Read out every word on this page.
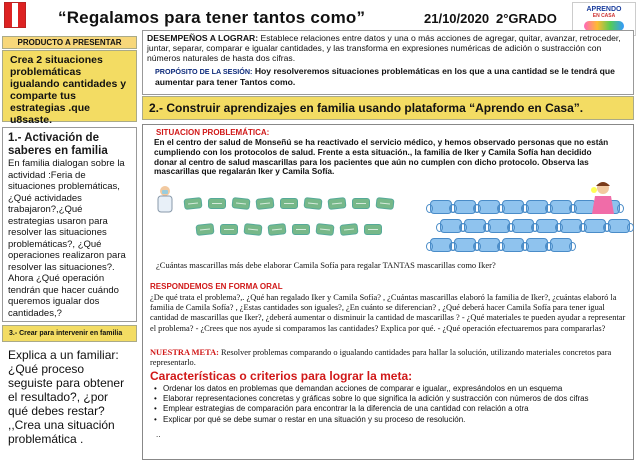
“Regalamos para tener tantos como”	21/10/2020 2°GRADO
APRENDO
EN CASA
PRODUCTO A PRESENTAR
Crea 2 situaciones problemáticas igualando cantidades y comparte tus estrategias .que u8saste.
1.- Activación de saberes en familia
En familia dialogan sobre la actividad :Feria de situaciones problemáticas, ¿Qué actividades trabajaron?,¿Qué estrategias usaron para resolver las situaciones problemáticas?, ¿Qué operaciones realizaron para resolver las situaciones?. Ahora ¿Qué operación tendrán que hacer cuándo queremos igualar dos cantidades,?
3.- Crear para intervenir en familia
Explica a un familiar: ¿Qué proceso seguiste para obtener el resultado?, ¿por qué debes restar? ,,Crea una situación problemática .
DESEMPEÑOS A LOGRAR: Establece relaciones entre datos y una o más acciones de agregar, quitar, avanzar, retroceder, juntar, separar, comparar e igualar cantidades, y las transforma en expresiones numéricas de adición o sustracción con números naturales de hasta dos cifras.
PROPÓSITO DE LA SESIÓN: Hoy resolveremos situaciones problemáticas en los que a una cantidad se le tendrá que aumentar para tener Tantos como.
2.- Construir aprendizajes en familia usando plataforma “Aprendo en Casa”.
SITUACION PROBLEMÁTICA:
En el centro der salud de Monseñú se ha reactivado el servicio médico, y hemos observado personas que no están cumpliendo con los protocolos de salud. Frente a esta situación., la familia de Iker y Camila Sofía han decidido donar al centro de salud mascarillas para los pacientes que aún no cumplen con dicho protocolo. Observa las mascarillas que regalarán Iker y Camila Sofía.
¿Cuántas mascarillas más debe elaborar Camila Sofía para regalar TANTAS mascarillas como Iker?
RESPONDEMOS EN FORMA ORAL
¿De qué trata el problema?,. ¿Qué han regalado Iker y Camila Sofía? , ¿Cuántas mascarillas elaboró la familia de Iker?, ¿cuántas elaboró la familia de Camila Sofía? , ¿Estas cantidades son iguales?, ¿En cuánto se diferencian? , ¿Qué deberá hacer Camila Sofía para tener igual cantidad de mascarillas que Iker?, ¿deberá aumentar o disminuir la cantidad de mascarillas ? - ¿Qué materiales te pueden ayudar a representar el problema? - ¿Crees que nos ayude si comparamos las cantidades? Explica por qué. - ¿Qué operación efectuaremos para compararlas?
NUESTRA META: Resolver problemas comparando o igualando cantidades para hallar la solución, utilizando materiales concretos para representarlo.
Características o criterios para lograr la meta:
• Ordenar los datos en problemas que demandan acciones de comparar e igualar,, expresándolos en un esquema
• Elaborar representaciones concretas y gráficas sobre lo que significa la adición y sustracción con números de dos cifras
• Emplear estrategias de comparación para encontrar la la diferencia de una cantidad con relación a otra
• Explicar por qué se debe sumar o restar en una situación y su proceso de resolución.
..
